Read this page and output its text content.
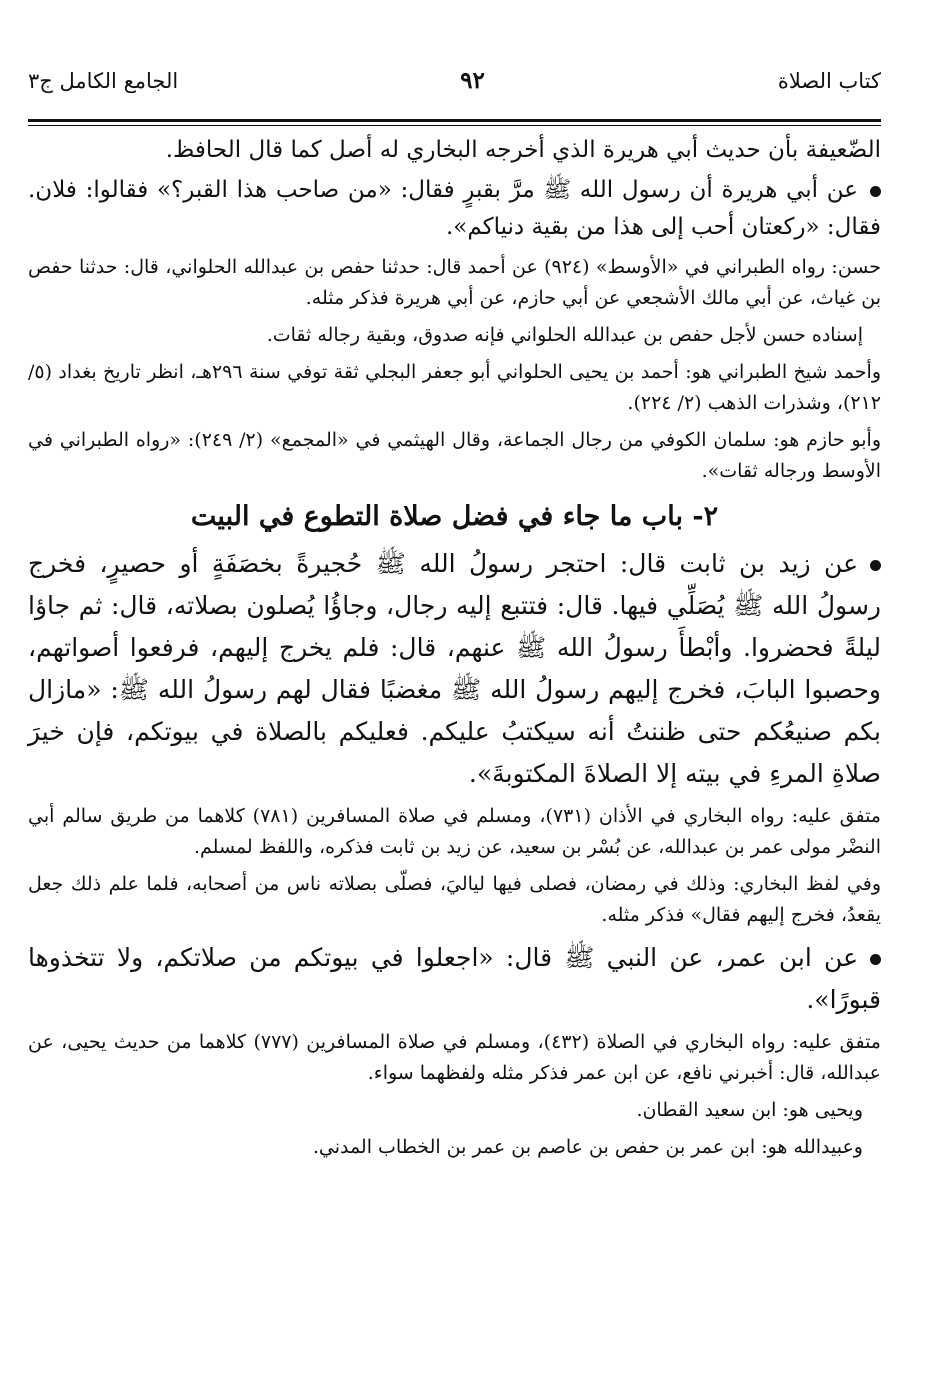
كتاب الصلاة
٩٢
الجامع الكامل ج٣

الضّعيفة بأن حديث أبي هريرة الذي أخرجه البخاري له أصل كما قال الحافظ.

عن أبي هريرة أن رسول الله ﷺ مرَّ بقبرٍ فقال: «من صاحب هذا القبر؟» فقالوا: فلان. فقال: «ركعتان أحب إلى هذا من بقية دنياكم».

حسن: رواه الطبراني في «الأوسط» (٩٢٤) عن أحمد قال: حدثنا حفص بن عبدالله الحلواني، قال: حدثنا حفص بن غياث، عن أبي مالك الأشجعي عن أبي حازم، عن أبي هريرة فذكر مثله.

إسناده حسن لأجل حفص بن عبدالله الحلواني فإنه صدوق، وبقية رجاله ثقات.

وأحمد شيخ الطبراني هو: أحمد بن يحيى الحلواني أبو جعفر البجلي ثقة توفي سنة ٢٩٦هـ، انظر تاريخ بغداد (٥/ ٢١٢)، وشذرات الذهب (٢/ ٢٢٤).

وأبو حازم هو: سلمان الكوفي من رجال الجماعة، وقال الهيثمي في «المجمع» (٢/ ٢٤٩): «رواه الطبراني في الأوسط ورجاله ثقات».

٢- باب ما جاء في فضل صلاة التطوع في البيت

عن زيد بن ثابت قال: احتجر رسولُ الله ﷺ حُجيرةً بخصَفَةٍ أو حصيرٍ، فخرج رسولُ الله ﷺ يُصَلِّي فيها. قال: فتتبع إليه رجال، وجاؤُا يُصلون بصلاته، قال: ثم جاؤا ليلةً فحضروا. وأبْطأَ رسولُ الله ﷺ عنهم، قال: فلم يخرج إليهم، فرفعوا أصواتهم، وحصبوا البابَ، فخرج إليهم رسولُ الله ﷺ مغضبًا فقال لهم رسولُ الله ﷺ: «مازال بكم صنيعُكم حتى ظننتُ أنه سيكتبُ عليكم. فعليكم بالصلاة في بيوتكم، فإن خيرَ صلاةِ المرءِ في بيته إلا الصلاةَ المكتوبةَ».

متفق عليه: رواه البخاري في الأذان (٧٣١)، ومسلم في صلاة المسافرين (٧٨١) كلاهما من طريق سالم أبي النضْر مولى عمر بن عبدالله، عن بُسْر بن سعيد، عن زيد بن ثابت فذكره، واللفظ لمسلم.

وفي لفظ البخاري: وذلك في رمضان، فصلى فيها لياليَ، فصلّى بصلاته ناس من أصحابه، فلما علم ذلك جعل يقعدُ، فخرج إليهم فقال» فذكر مثله.

عن ابن عمر، عن النبي ﷺ قال: «اجعلوا في بيوتكم من صلاتكم، ولا تتخذوها قبورًا».

متفق عليه: رواه البخاري في الصلاة (٤٣٢)، ومسلم في صلاة المسافرين (٧٧٧) كلاهما من حديث يحيى، عن عبدالله، قال: أخبرني نافع، عن ابن عمر فذكر مثله ولفظهما سواء.

ويحيى هو: ابن سعيد القطان.

وعبيدالله هو: ابن عمر بن حفص بن عاصم بن عمر بن الخطاب المدني.
